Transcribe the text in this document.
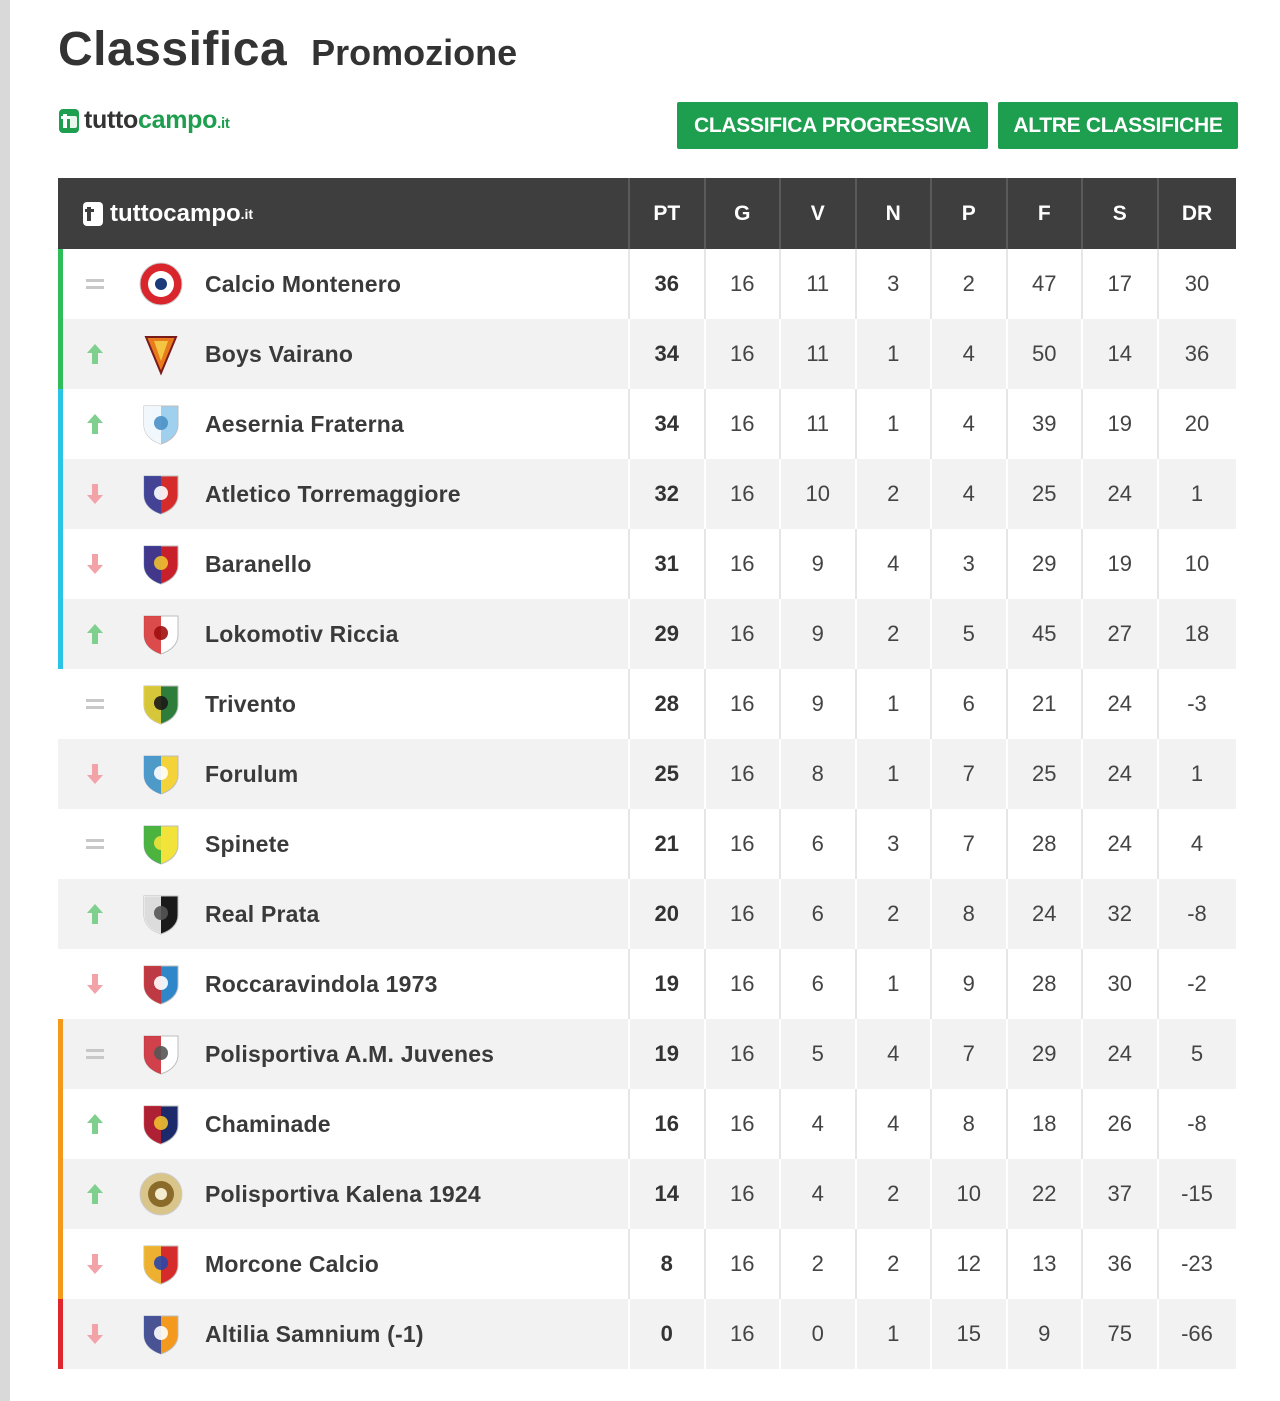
Classifica Promozione
tuttocampo.it	CLASSIFICA PROGRESSIVA	ALTRE CLASSIFICHE
tuttocampo .it	PT	G	V	N	P	F	S	DR
Calcio Montenero	36	16	11	3	2	47	17	30
Boys Vairano	34	16	11	1	4	50	14	36
Aesernia Fraterna	34	16	11	1	4	39	19	20
Atletico Torremaggiore	32	16	10	2	4	25	24	1
Baranello	31	16	9	4	3	29	19	10
Lokomotiv Riccia	29	16	9	2	5	45	27	18
Trivento	28	16	9	1	6	21	24	-3
Forulum	25	16	8	1	7	25	24	1
Spinete	21	16	6	3	7	28	24	4
Real Prata	20	16	6	2	8	24	32	-8
Roccaravindola 1973	19	16	6	1	9	28	30	-2
Polisportiva A.M. Juvenes	19	16	5	4	7	29	24	5
Chaminade	16	16	4	4	8	18	26	-8
Polisportiva Kalena 1924	14	16	4	2	10	22	37	-15
Morcone Calcio	8	16	2	2	12	13	36	-23
Altilia Samnium (-1)	0	16	0	1	15	9	75	-66
